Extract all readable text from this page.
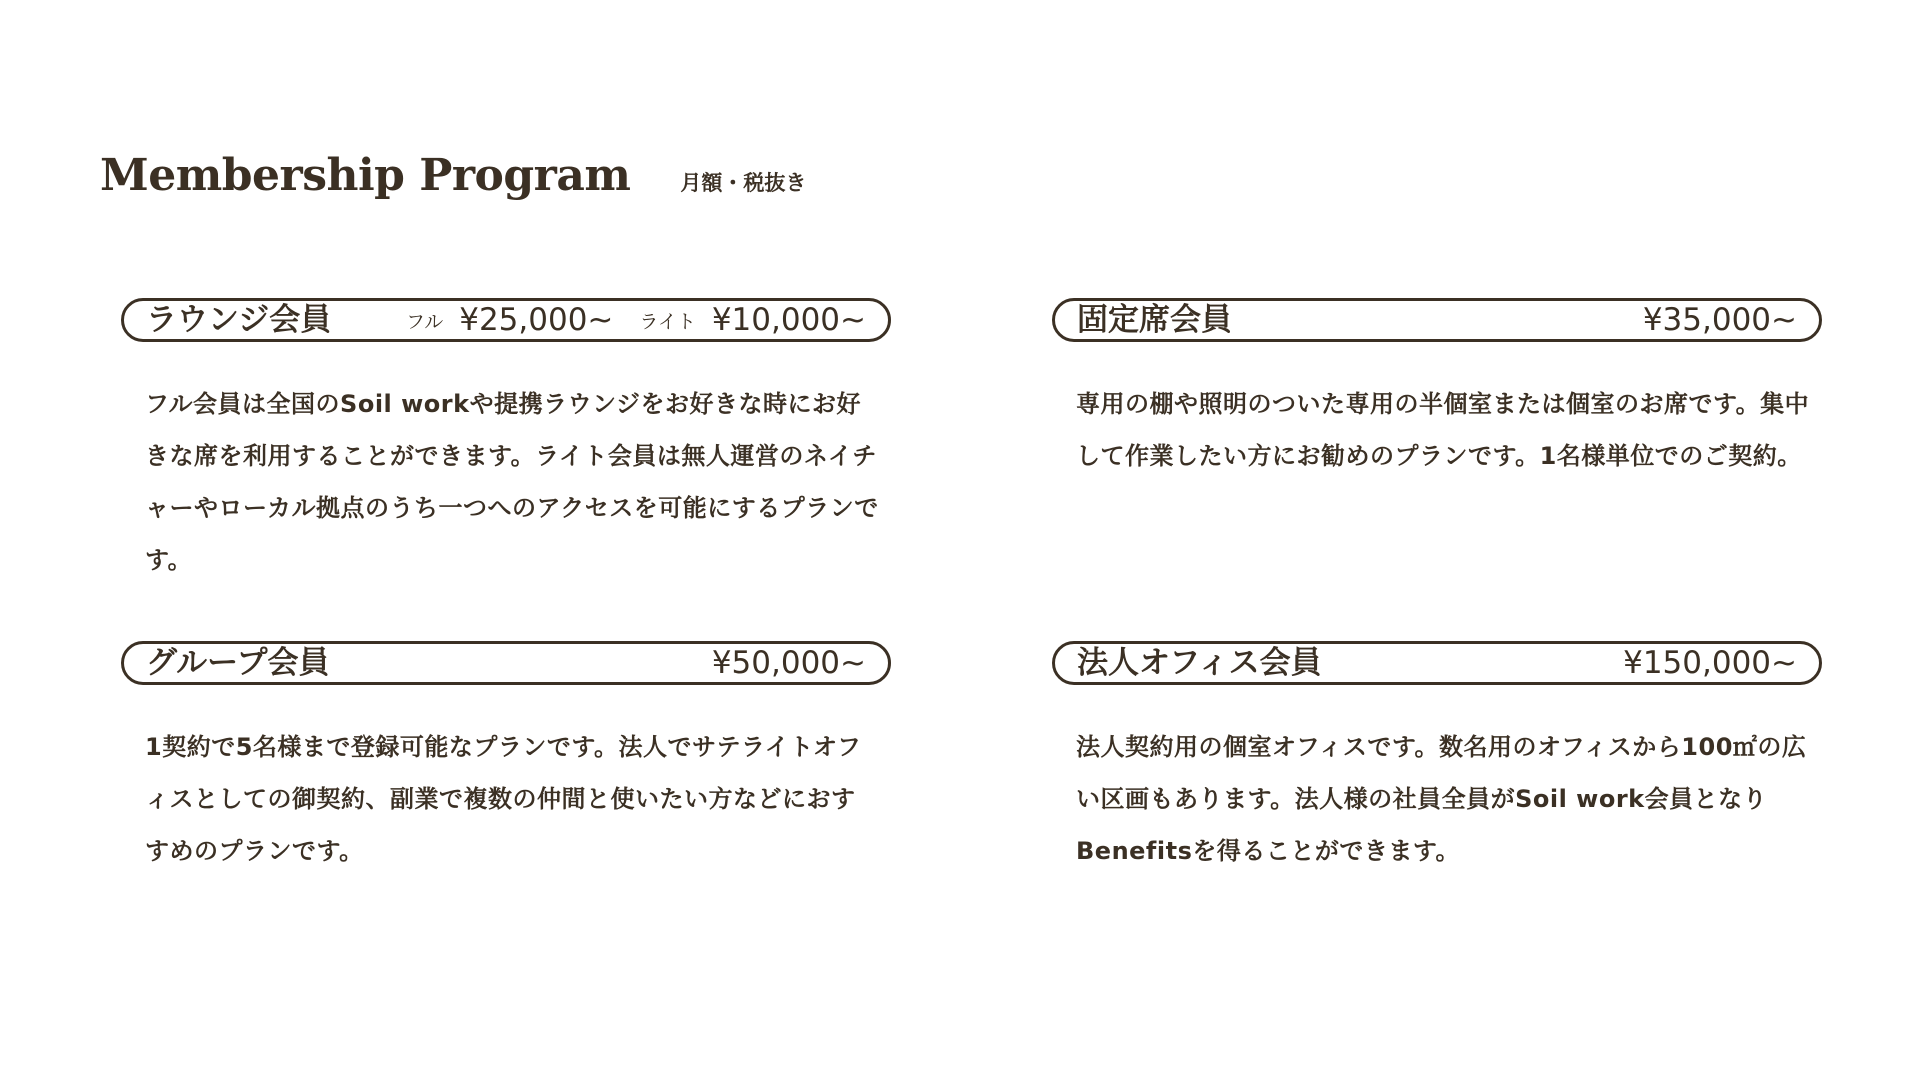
Membership Program 月額・税抜き
ラウンジ会員	フル ¥25,000~ ライト ¥10,000~
フル会員は全国のSoil workや提携ラウンジをお好きな時にお好きな席を利用することができます。ライト会員は無人運営のネイチャーやローカル拠点のうち一つへのアクセスを可能にするプランです。
固定席会員	¥35,000~
専用の棚や照明のついた専用の半個室または個室のお席です。集中して作業したい方にお勧めのプランです。1名様単位でのご契約。
グループ会員	¥50,000~
1契約で5名様まで登録可能なプランです。法人でサテライトオフィスとしての御契約、副業で複数の仲間と使いたい方などにおすすめのプランです。
法人オフィス会員	¥150,000~
法人契約用の個室オフィスです。数名用のオフィスから100㎡の広い区画もあります。法人様の社員全員がSoil work会員となりBenefitsを得ることができます。
